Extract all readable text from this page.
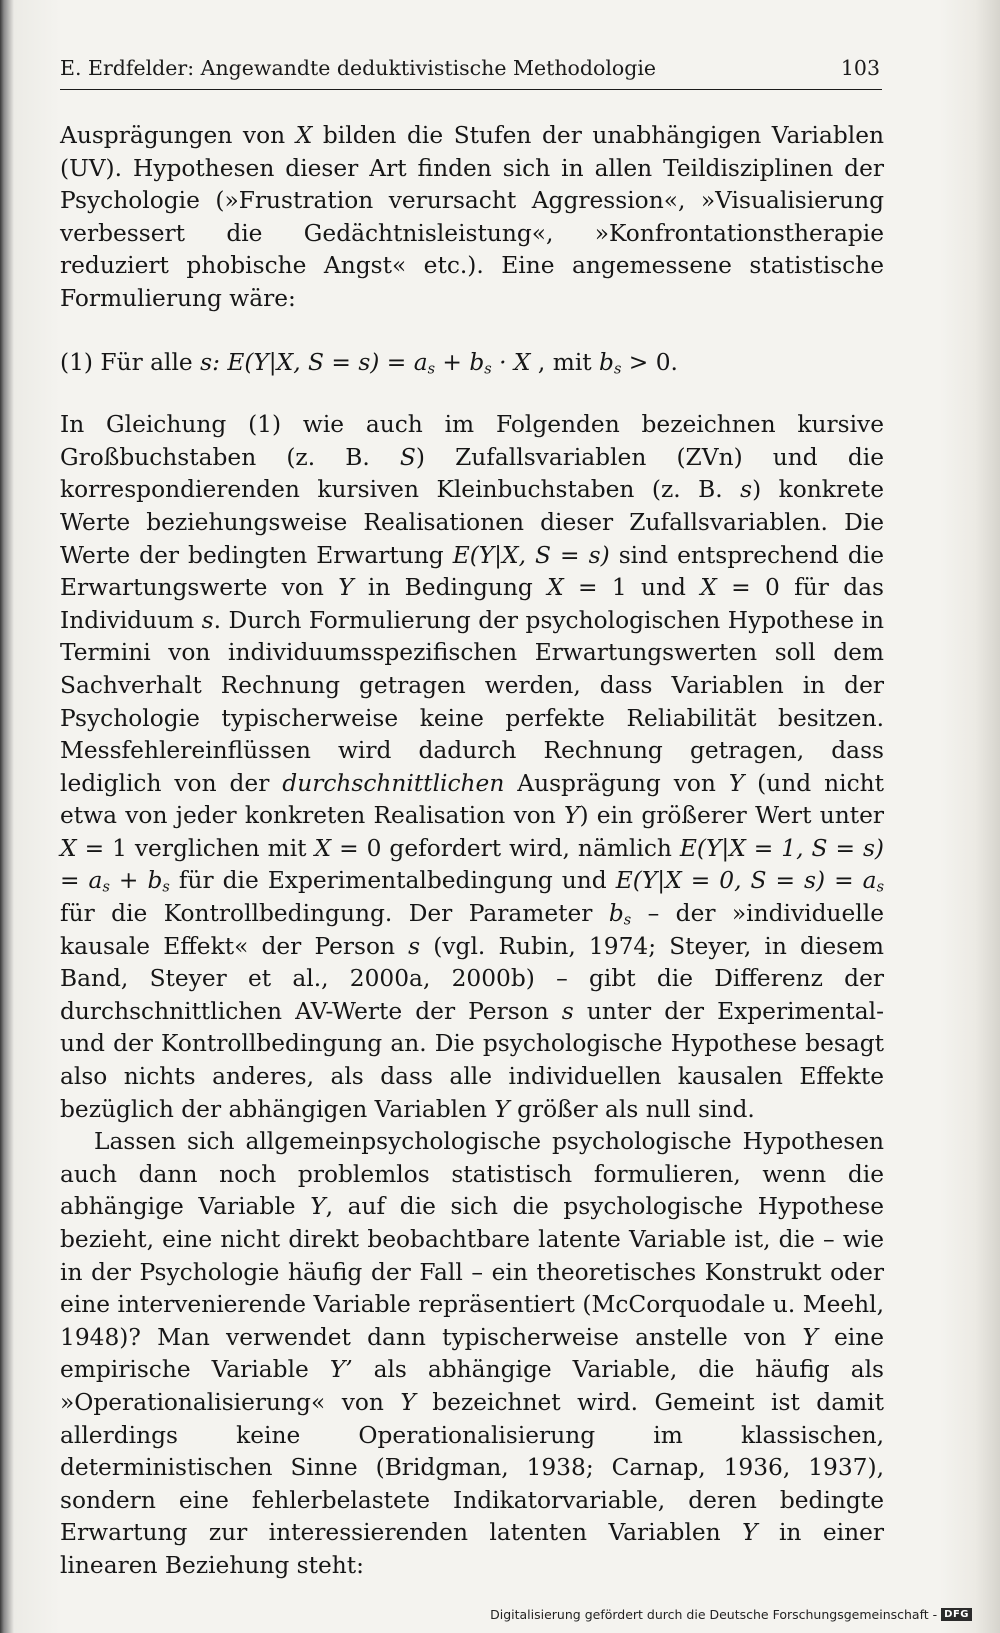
E. Erdfelder: Angewandte deduktivistische Methodologie	103

Ausprägungen von X bilden die Stufen der unabhängigen Variablen (UV). Hypothesen dieser Art finden sich in allen Teildisziplinen der Psychologie (»Frustration verursacht Aggression«, »Visualisierung verbessert die Gedächtnisleistung«, »Konfrontationstherapie reduziert phobische Angst« etc.). Eine angemessene statistische Formulierung wäre:

(1) Für alle s: E(Y|X, $S = s) = a_s + b_s \cdot X$ , mit $b_s > 0$.

In Gleichung (1) wie auch im Folgenden bezeichnen kursive Großbuchstaben (z. B. S) Zufallsvariablen (ZVn) und die korrespondierenden kursiven Kleinbuchstaben (z. B. s) konkrete Werte beziehungsweise Realisationen dieser Zufallsvariablen. Die Werte der bedingten Erwartung E(Y|X, S = s) sind entsprechend die Erwartungswerte von Y in Bedingung X = 1 und X = 0 für das Individuum s. Durch Formulierung der psychologischen Hypothese in Termini von individuumsspezifischen Erwartungswerten soll dem Sachverhalt Rechnung getragen werden, dass Variablen in der Psychologie typischerweise keine perfekte Reliabilität besitzen. Messfehlereinflüssen wird dadurch Rechnung getragen, dass lediglich von der durchschnittlichen Ausprägung von Y (und nicht etwa von jeder konkreten Realisation von Y) ein größerer Wert unter X = 1 verglichen mit X = 0 gefordert wird, nämlich E(Y|X = 1, $S = s) = a_s + b_s$ für die Experimentalbedingung und E(Y|X = 0, $S = s) = a_s$ für die Kontrollbedingung. Der Parameter $b_s$ – der »individuelle kausale Effekt« der Person s (vgl. Rubin, 1974; Steyer, in diesem Band, Steyer et al., 2000a, 2000b) – gibt die Differenz der durchschnittlichen AV-Werte der Person s unter der Experimental- und der Kontrollbedingung an. Die psychologische Hypothese besagt also nichts anderes, als dass alle individuellen kausalen Effekte bezüglich der abhängigen Variablen Y größer als null sind.

Lassen sich allgemeinpsychologische psychologische Hypothesen auch dann noch problemlos statistisch formulieren, wenn die abhängige Variable Y, auf die sich die psychologische Hypothese bezieht, eine nicht direkt beobachtbare latente Variable ist, die – wie in der Psychologie häufig der Fall – ein theoretisches Konstrukt oder eine intervenierende Variable repräsentiert (McCorquodale u. Meehl, 1948)? Man verwendet dann typischerweise anstelle von Y eine empirische Variable Y’ als abhängige Variable, die häufig als »Operationalisierung« von Y bezeichnet wird. Gemeint ist damit allerdings keine Operationalisierung im klassischen, deterministischen Sinne (Bridgman, 1938; Carnap, 1936, 1937), sondern eine fehlerbelastete Indikatorvariable, deren bedingte Erwartung zur interessierenden latenten Variablen Y in einer linearen Beziehung steht:

Digitalisierung gefördert durch die Deutsche Forschungsgemeinschaft - DFG
